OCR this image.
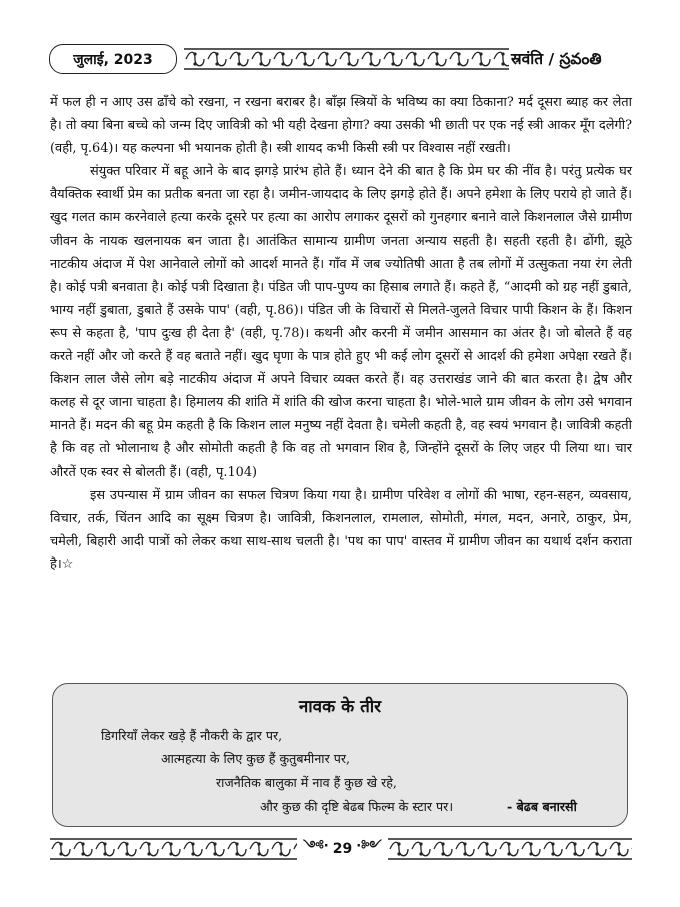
जुलाई, 2023	स्रवंति / స్రవంతి

में फल ही न आए उस ढाँचे को रखना, न रखना बराबर है। बाँझ स्त्रियों के भविष्य का क्या ठिकाना? मर्द दूसरा ब्याह कर लेता है। तो क्या बिना बच्चे को जन्म दिए जावित्री को भी यही देखना होगा? क्या उसकी भी छाती पर एक नई स्त्री आकर मूँग दलेगी? (वही, पृ.64)। यह कल्पना भी भयानक होती है। स्त्री शायद कभी किसी स्त्री पर विश्वास नहीं रखती।

संयुक्त परिवार में बहू आने के बाद झगड़े प्रारंभ होते हैं। ध्यान देने की बात है कि प्रेम घर की नींव है। परंतु प्रत्येक घर वैयक्तिक स्वार्थी प्रेम का प्रतीक बनता जा रहा है। जमीन-जायदाद के लिए झगड़े होते हैं। अपने हमेशा के लिए पराये हो जाते हैं। खुद गलत काम करनेवाले हत्या करके दूसरे पर हत्या का आरोप लगाकर दूसरों को गुनहगार बनाने वाले किशनलाल जैसे ग्रामीण जीवन के नायक खलनायक बन जाता है। आतंकित सामान्य ग्रामीण जनता अन्याय सहती है। सहती रहती है। ढोंगी, झूठे नाटकीय अंदाज में पेश आनेवाले लोगों को आदर्श मानते हैं। गाँव में जब ज्योतिषी आता है तब लोगों में उत्सुकता नया रंग लेती है। कोई पत्री बनवाता है। कोई पत्री दिखाता है। पंडित जी पाप-पुण्य का हिसाब लगाते हैं। कहते हैं, “आदमी को ग्रह नहीं डुबाते, भाग्य नहीं डुबाता, डुबाते हैं उसके पाप' (वही, पृ.86)। पंडित जी के विचारों से मिलते-जुलते विचार पापी किशन के हैं। किशन रूप से कहता है, 'पाप दुःख ही देता है' (वही, पृ.78)। कथनी और करनी में जमीन आसमान का अंतर है। जो बोलते हैं वह करते नहीं और जो करते हैं वह बताते नहीं। खुद घृणा के पात्र होते हुए भी कई लोग दूसरों से आदर्श की हमेशा अपेक्षा रखते हैं। किशन लाल जैसे लोग बड़े नाटकीय अंदाज में अपने विचार व्यक्त करते हैं। वह उत्तराखंड जाने की बात करता है। द्वेष और कलह से दूर जाना चाहता है। हिमालय की शांति में शांति की खोज करना चाहता है। भोले-भाले ग्राम जीवन के लोग उसे भगवान मानते हैं। मदन की बहू प्रेम कहती है कि किशन लाल मनुष्य नहीं देवता है। चमेली कहती है, वह स्वयं भगवान है। जावित्री कहती है कि वह तो भोलानाथ है और सोमोती कहती है कि वह तो भगवान शिव है, जिन्होंने दूसरों के लिए जहर पी लिया था। चार औरतें एक स्वर से बोलती हैं। (वही, पृ.104)

इस उपन्यास में ग्राम जीवन का सफल चित्रण किया गया है। ग्रामीण परिवेश व लोगों की भाषा, रहन-सहन, व्यवसाय, विचार, तर्क, चिंतन आदि का सूक्ष्म चित्रण है। जावित्री, किशनलाल, रामलाल, सोमोती, मंगल, मदन, अनारे, ठाकुर, प्रेम, चमेली, बिहारी आदी पात्रों को लेकर कथा साथ-साथ चलती है। 'पथ का पाप' वास्तव में ग्रामीण जीवन का यथार्थ दर्शन कराता है।☆

नावक के तीर
डिगरियाँ लेकर खड़े हैं नौकरी के द्वार पर,
आत्महत्या के लिए कुछ हैं कुतुबमीनार पर,
राजनैतिक बालुका में नाव हैं कुछ खे रहे,
और कुछ की दृष्टि बेढब फिल्म के स्टार पर।	- बेढब बनारसी
༺· 29 ·༻
